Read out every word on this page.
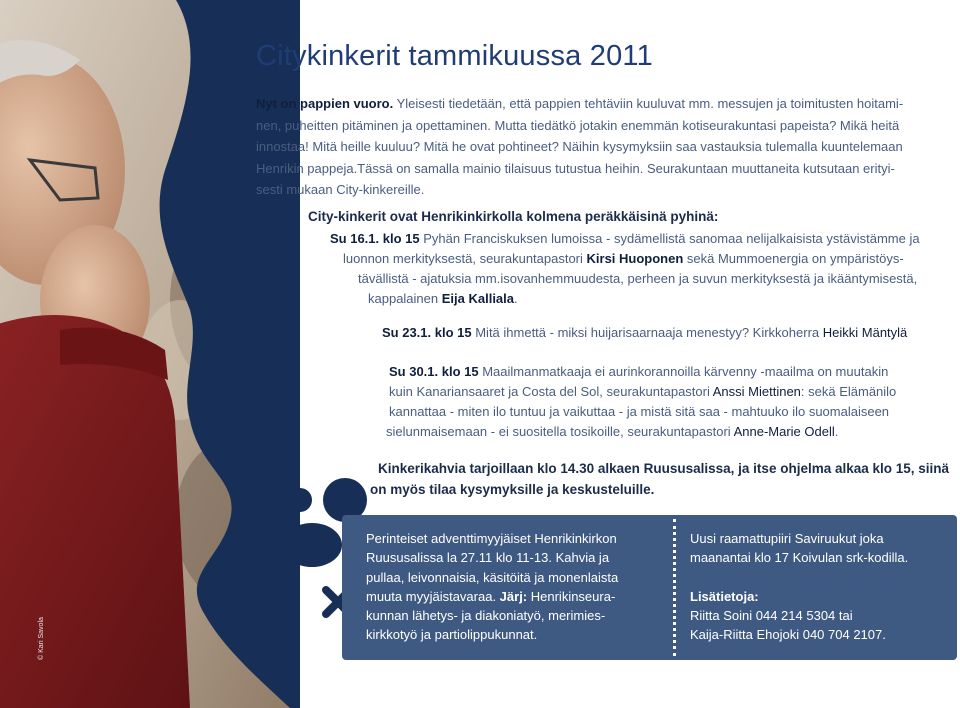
© Kari Savola
Citykinkerit tammikuussa 2011
Nyt on pappien vuoro. Yleisesti tiedetään, että pappien tehtäviin kuuluvat mm. messujen ja toimitusten hoitami-
nen, puheitten pitäminen ja opettaminen. Mutta tiedätkö jotakin enemmän kotiseurakuntasi papeista? Mikä heitä
innostaa! Mitä heille kuuluu? Mitä he ovat pohtineet? Näihin kysymyksiin saa vastauksia tulemalla kuuntelemaan
Henrikin pappeja.Tässä on samalla mainio tilaisuus tutustua heihin. Seurakuntaan muuttaneita kutsutaan erityi-
sesti mukaan City-kinkereille.
City-kinkerit ovat Henrikinkirkolla kolmena peräkkäisinä pyhinä:
Su 16.1. klo 15 Pyhän Franciskuksen lumoissa - sydämellistä sanomaa nelijalkaisista ystävistämme ja
luonnon merkityksestä, seurakuntapastori Kirsi Huoponen sekä Mummoenergia on ympäristöys-
tävällistä - ajatuksia mm.isovanhemmuudesta, perheen ja suvun merkityksestä ja ikääntymisestä,
kappalainen Eija Kalliala.
Su 23.1. klo 15 Mitä ihmettä - miksi huijarisaarnaaja menestyy? Kirkkoherra Heikki Mäntylä
Su 30.1. klo 15 Maailmanmatkaaja ei aurinkorannoilla kärvenny -maailma on muutakin
kuin Kanariansaaret ja Costa del Sol, seurakuntapastori Anssi Miettinen: sekä Elämänilo
kannattaa - miten ilo tuntuu ja vaikuttaa - ja mistä sitä saa - mahtuuko ilo suomalaiseen
sielunmaisemaan - ei suositella tosikoille, seurakuntapastori Anne-Marie Odell.
Kinkerikahvia tarjoillaan klo 14.30 alkaen Ruususalissa, ja itse ohjelma alkaa klo 15, siinä
on myös tilaa kysymyksille ja keskusteluille.
Perinteiset adventtimyyjäiset Henrikinkirkon
Ruususalissa la 27.11 klo 11-13. Kahvia ja
pullaa, leivonnaisia, käsitöitä ja monenlaista
muuta myyjäistavaraa. Järj: Henrikinseura-
kunnan lähetys- ja diakoniatyö, merimies-
kirkkotyö ja partiolippukunnat.
Uusi raamattupiiri Saviruukut joka
maanantai klo 17 Koivulan srk-kodilla.
Lisätietoja:
Riitta Soini 044 214 5304 tai
Kaija-Riitta Ehojoki 040 704 2107.
